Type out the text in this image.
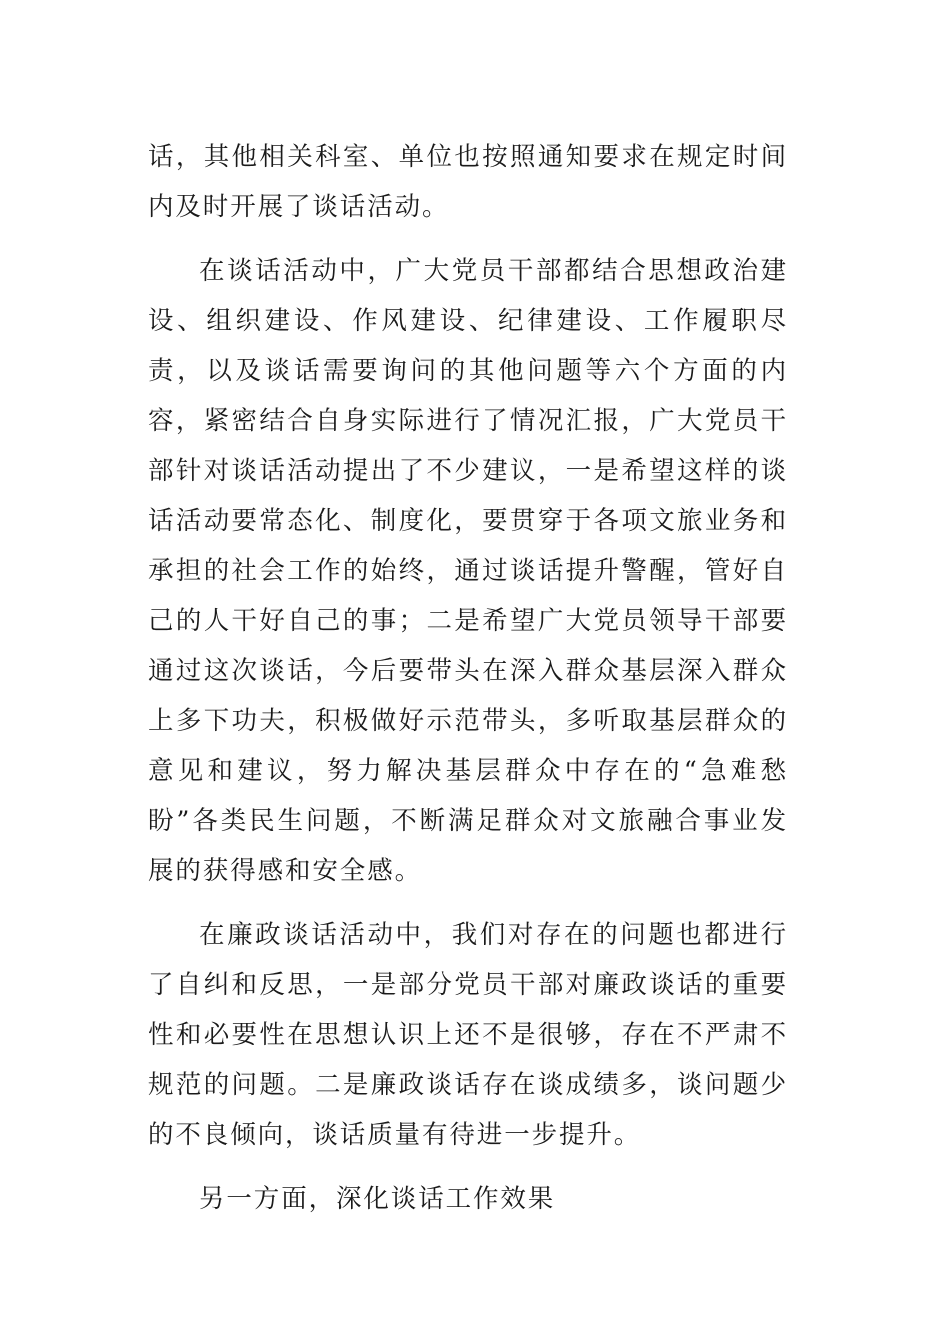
话，其他相关科室、单位也按照通知要求在规定时间内及时开展了谈话活动。

在谈话活动中，广大党员干部都结合思想政治建设、组织建设、作风建设、纪律建设、工作履职尽责，以及谈话需要询问的其他问题等六个方面的内容，紧密结合自身实际进行了情况汇报，广大党员干部针对谈话活动提出了不少建议，一是希望这样的谈话活动要常态化、制度化，要贯穿于各项文旅业务和承担的社会工作的始终，通过谈话提升警醒，管好自己的人干好自己的事；二是希望广大党员领导干部要通过这次谈话，今后要带头在深入群众基层深入群众上多下功夫，积极做好示范带头，多听取基层群众的意见和建议，努力解决基层群众中存在的“急难愁盼”各类民生问题，不断满足群众对文旅融合事业发展的获得感和安全感。

在廉政谈话活动中，我们对存在的问题也都进行了自纠和反思，一是部分党员干部对廉政谈话的重要性和必要性在思想认识上还不是很够，存在不严肃不规范的问题。二是廉政谈话存在谈成绩多，谈问题少的不良倾向，谈话质量有待进一步提升。

另一方面，深化谈话工作效果
